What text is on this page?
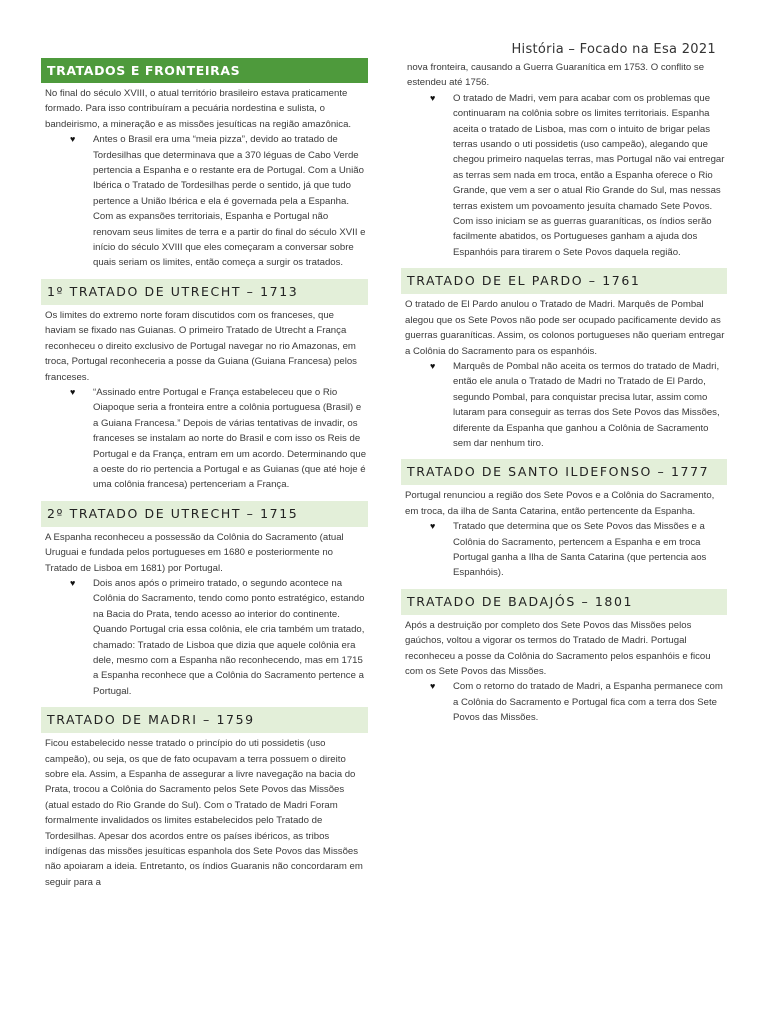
História – Focado na Esa 2021
TRATADOS E FRONTEIRAS
No final do século XVIII, o atual território brasileiro estava praticamente formado. Para isso contribuíram a pecuária nordestina e sulista, o bandeirismo, a mineração e as missões jesuíticas na região amazônica.
♥ Antes o Brasil era uma “meia pizza”, devido ao tratado de Tordesilhas que determinava que a 370 léguas de Cabo Verde pertencia a Espanha e o restante era de Portugal. Com a União Ibérica o Tratado de Tordesilhas perde o sentido, já que tudo pertence a União Ibérica e ela é governada pela a Espanha. Com as expansões territoriais, Espanha e Portugal não renovam seus limites de terra e a partir do final do século XVII e início do século XVIII que eles começaram a conversar sobre quais seriam os limites, então começa a surgir os tratados.
1º TRATADO DE UTRECHT – 1713
Os limites do extremo norte foram discutidos com os franceses, que haviam se fixado nas Guianas. O primeiro Tratado de Utrecht a França reconheceu o direito exclusivo de Portugal navegar no rio Amazonas, em troca, Portugal reconheceria a posse da Guiana (Guiana Francesa) pelos franceses.
♥ “Assinado entre Portugal e França estabeleceu que o Rio Oiapoque seria a fronteira entre a colônia portuguesa (Brasil) e a Guiana Francesa.” Depois de várias tentativas de invadir, os franceses se instalam ao norte do Brasil e com isso os Reis de Portugal e da França, entram em um acordo. Determinando que a oeste do rio pertencia a Portugal e as Guianas (que até hoje é uma colônia francesa) pertenceriam a França.
2º TRATADO DE UTRECHT – 1715
A Espanha reconheceu a possessão da Colônia do Sacramento (atual Uruguai e fundada pelos portugueses em 1680 e posteriormente no Tratado de Lisboa em 1681) por Portugal.
♥ Dois anos após o primeiro tratado, o segundo acontece na Colônia do Sacramento, tendo como ponto estratégico, estando na Bacia do Prata, tendo acesso ao interior do continente. Quando Portugal cria essa colônia, ele cria também um tratado, chamado: Tratado de Lisboa que dizia que aquele colônia era dele, mesmo com a Espanha não reconhecendo, mas em 1715 a Espanha reconhece que a Colônia do Sacramento pertence a Portugal.
TRATADO DE MADRI – 1759
Ficou estabelecido nesse tratado o princípio do uti possidetis (uso campeão), ou seja, os que de fato ocupavam a terra possuem o direito sobre ela. Assim, a Espanha de assegurar a livre navegação na bacia do Prata, trocou a Colônia do Sacramento pelos Sete Povos das Missões (atual estado do Rio Grande do Sul). Com o Tratado de Madri Foram formalmente invalidados os limites estabelecidos pelo Tratado de Tordesilhas. Apesar dos acordos entre os países ibéricos, as tribos indígenas das missões jesuíticas espanhola dos Sete Povos das Missões não apoiaram a ideia. Entretanto, os índios Guaranis não concordaram em seguir para a
nova fronteira, causando a Guerra Guaranítica em 1753. O conflito se estendeu até 1756.
♥ O tratado de Madri, vem para acabar com os problemas que continuaram na colônia sobre os limites territoriais. Espanha aceita o tratado de Lisboa, mas com o intuito de brigar pelas terras usando o uti possidetis (uso campeão), alegando que chegou primeiro naquelas terras, mas Portugal não vai entregar as terras sem nada em troca, então a Espanha oferece o Rio Grande, que vem a ser o atual Rio Grande do Sul, mas nessas terras existem um povoamento jesuíta chamado Sete Povos. Com isso iniciam se as guerras guaraníticas, os índios serão facilmente abatidos, os Portugueses ganham a ajuda dos Espanhóis para tirarem o Sete Povos daquela região.
TRATADO DE EL PARDO – 1761
O tratado de El Pardo anulou o Tratado de Madri. Marquês de Pombal alegou que os Sete Povos não pode ser ocupado pacificamente devido as guerras guaraníticas. Assim, os colonos portugueses não queriam entregar a Colônia do Sacramento para os espanhóis.
♥ Marquês de Pombal não aceita os termos do tratado de Madri, então ele anula o Tratado de Madri no Tratado de El Pardo, segundo Pombal, para conquistar precisa lutar, assim como lutaram para conseguir as terras dos Sete Povos das Missões, diferente da Espanha que ganhou a Colônia de Sacramento sem dar nenhum tiro.
TRATADO DE SANTO ILDEFONSO – 1777
Portugal renunciou a região dos Sete Povos e a Colônia do Sacramento, em troca, da ilha de Santa Catarina, então pertencente da Espanha.
♥ Tratado que determina que os Sete Povos das Missões e a Colônia do Sacramento, pertencem a Espanha e em troca Portugal ganha a Ilha de Santa Catarina (que pertencia aos Espanhóis).
TRATADO DE BADAJÓS – 1801
Após a destruição por completo dos Sete Povos das Missões pelos gaúchos, voltou a vigorar os termos do Tratado de Madri. Portugal reconheceu a posse da Colônia do Sacramento pelos espanhóis e ficou com os Sete Povos das Missões.
♥ Com o retorno do tratado de Madri, a Espanha permanece com a Colônia do Sacramento e Portugal fica com a terra dos Sete Povos das Missões.
